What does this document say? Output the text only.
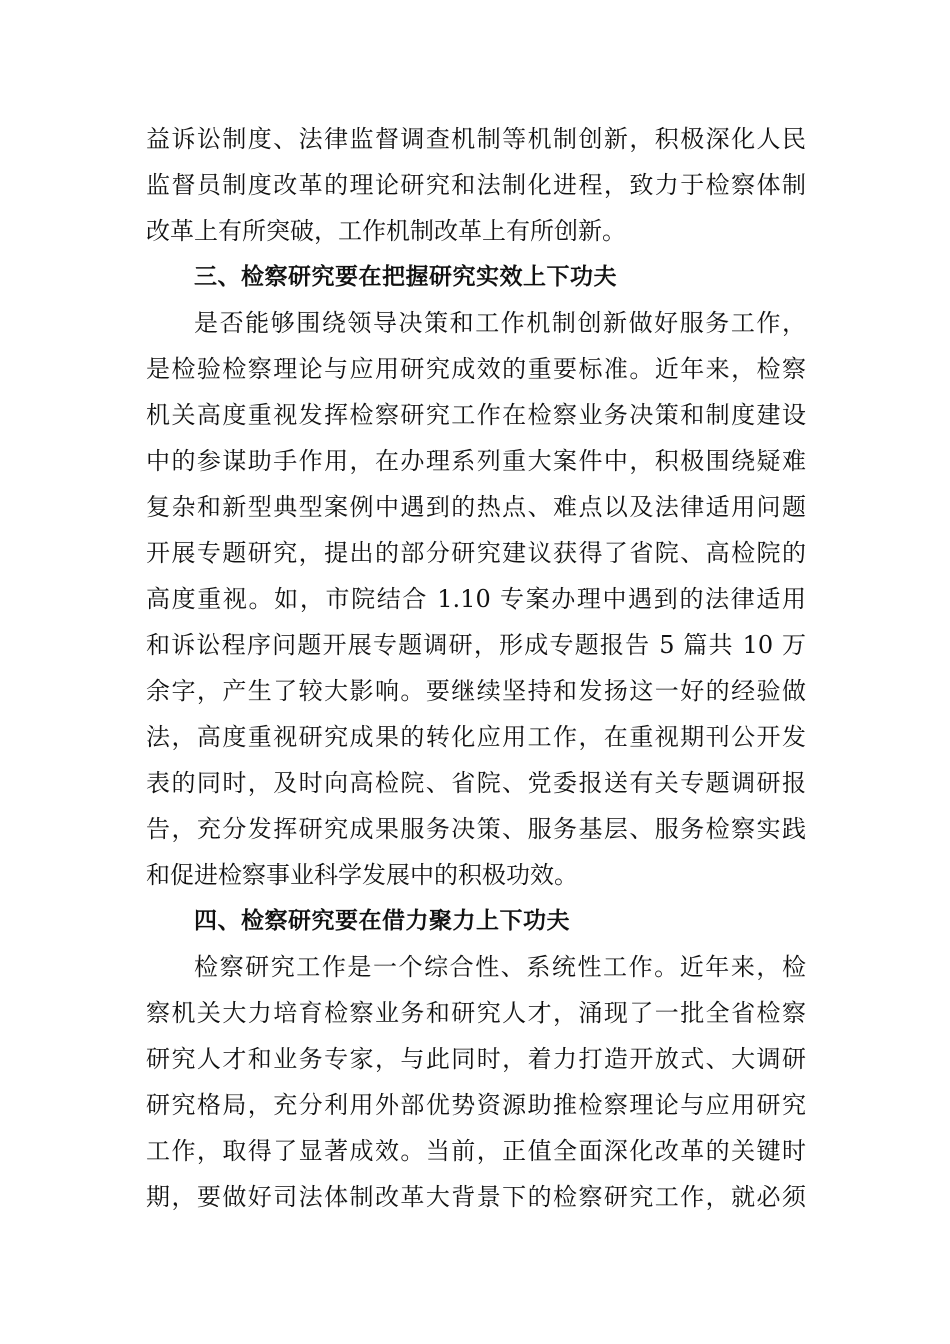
益诉讼制度、法律监督调查机制等机制创新，积极深化人民
监督员制度改革的理论研究和法制化进程，致力于检察体制
改革上有所突破，工作机制改革上有所创新。
三、检察研究要在把握研究实效上下功夫
是否能够围绕领导决策和工作机制创新做好服务工作，
是检验检察理论与应用研究成效的重要标准。近年来，检察
机关高度重视发挥检察研究工作在检察业务决策和制度建设
中的参谋助手作用，在办理系列重大案件中，积极围绕疑难
复杂和新型典型案例中遇到的热点、难点以及法律适用问题
开展专题研究，提出的部分研究建议获得了省院、高检院的
高度重视。如，市院结合 1.10 专案办理中遇到的法律适用
和诉讼程序问题开展专题调研，形成专题报告 5 篇共 10 万
余字，产生了较大影响。要继续坚持和发扬这一好的经验做
法，高度重视研究成果的转化应用工作，在重视期刊公开发
表的同时，及时向高检院、省院、党委报送有关专题调研报
告，充分发挥研究成果服务决策、服务基层、服务检察实践
和促进检察事业科学发展中的积极功效。
四、检察研究要在借力聚力上下功夫
检察研究工作是一个综合性、系统性工作。近年来，检
察机关大力培育检察业务和研究人才，涌现了一批全省检察
研究人才和业务专家，与此同时，着力打造开放式、大调研
研究格局，充分利用外部优势资源助推检察理论与应用研究
工作，取得了显著成效。当前，正值全面深化改革的关键时
期，要做好司法体制改革大背景下的检察研究工作，就必须
